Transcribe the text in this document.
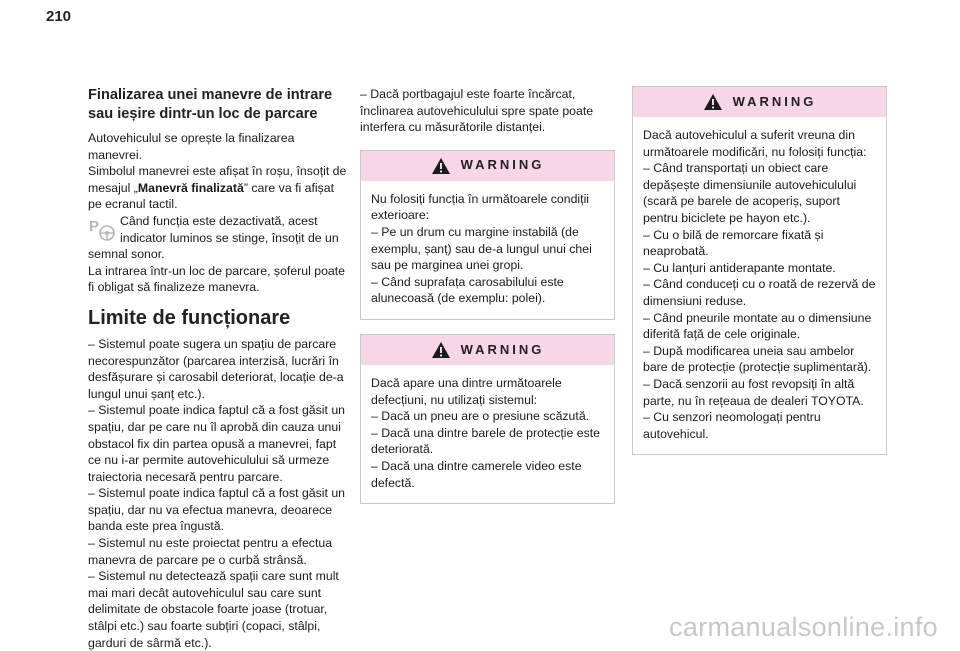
210
Finalizarea unei manevre de intrare sau ieșire dintr-un loc de parcare

Autovehiculul se oprește la finalizarea manevrei.
Simbolul manevrei este afișat în roșu, însoțit de mesajul „Manevră finalizată” care va fi afișat pe ecranul tactil.

P	Când funcția este dezactivată, acest
indicator luminos se stinge, însoțit de un
semnal sonor.

La intrarea într-un loc de parcare, șoferul poate fi obligat să finalizeze manevra.

Limite de funcționare

– Sistemul poate sugera un spațiu de parcare necorespunzător (parcarea interzisă, lucrări în desfășurare și carosabil deteriorat, locație de-a lungul unui șanț etc.).
– Sistemul poate indica faptul că a fost găsit un spațiu, dar pe care nu îl aprobă din cauza unui obstacol fix din partea opusă a manevrei, fapt ce nu i-ar permite autovehiculului să urmeze traiectoria necesară pentru parcare.
– Sistemul poate indica faptul că a fost găsit un spațiu, dar nu va efectua manevra, deoarece banda este prea îngustă.
– Sistemul nu este proiectat pentru a efectua manevra de parcare pe o curbă strânsă.
– Sistemul nu detectează spații care sunt mult mai mari decât autovehiculul sau care sunt delimitate de obstacole foarte joase (trotuar, stâlpi etc.) sau foarte subțiri (copaci, stâlpi, garduri de sârmă etc.).

– Dacă portbagajul este foarte încărcat, înclinarea autovehiculului spre spate poate interfera cu măsurătorile distanței.

WARNING
Nu folosiți funcția în următoarele condiții exterioare:
– Pe un drum cu margine instabilă (de exemplu, șanț) sau de-a lungul unui chei sau pe marginea unei gropi.
– Când suprafața carosabilului este alunecoasă (de exemplu: polei).
WARNING
Dacă apare una dintre următoarele defecțiuni, nu utilizați sistemul:
– Dacă un pneu are o presiune scăzută.
– Dacă una dintre barele de protecție este deteriorată.
– Dacă una dintre camerele video este defectă.
WARNING
Dacă autovehiculul a suferit vreuna din următoarele modificări, nu folosiți funcția:
– Când transportați un obiect care depășește dimensiunile autovehiculului (scară pe barele de acoperiș, suport pentru biciclete pe hayon etc.).
– Cu o bilă de remorcare fixată și neaprobată.
– Cu lanțuri antiderapante montate.
– Când conduceți cu o roată de rezervă de dimensiuni reduse.
– Când pneurile montate au o dimensiune diferită față de cele originale.
– După modificarea uneia sau ambelor bare de protecție (protecție suplimentară).
– Dacă senzorii au fost revopsiți în altă parte, nu în rețeaua de dealeri TOYOTA.
– Cu senzori neomologați pentru autovehicul.
carmanualsonline.info
